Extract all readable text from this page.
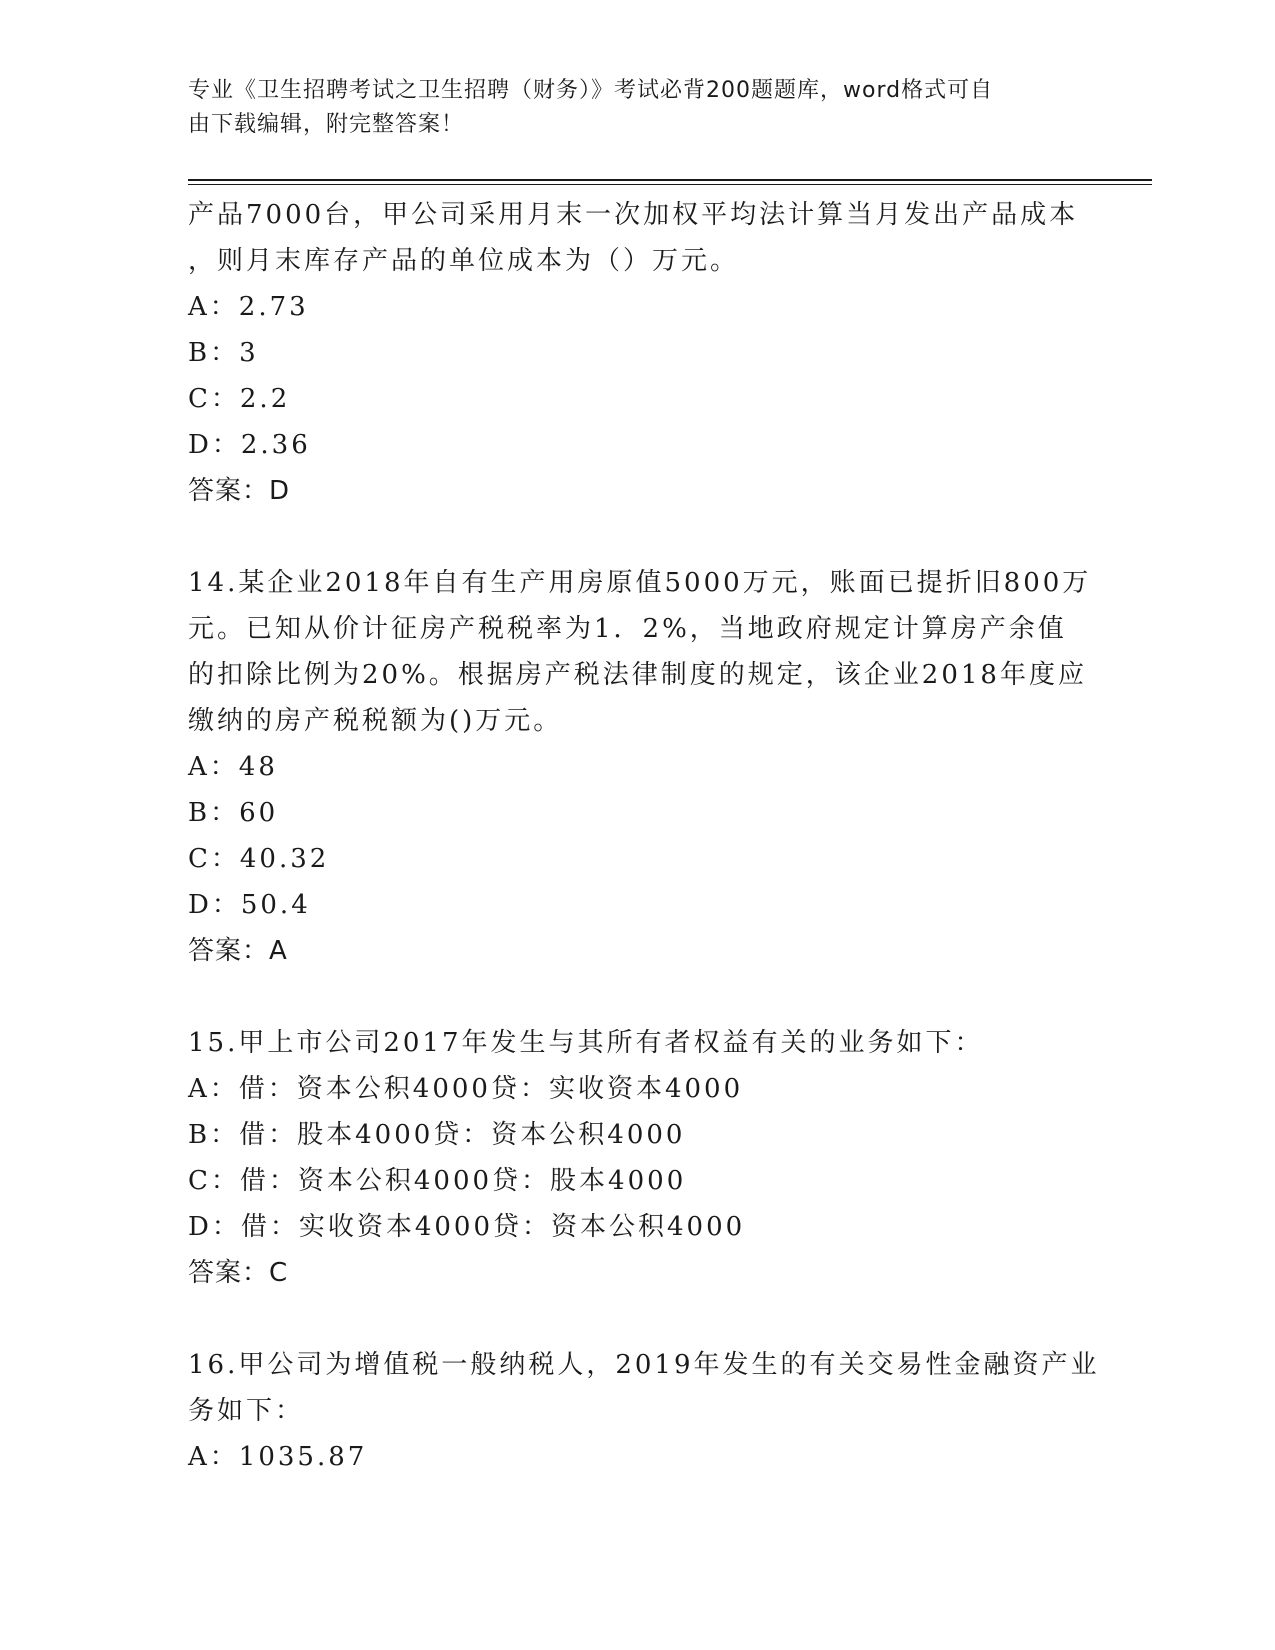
专业《卫生招聘考试之卫生招聘（财务）》考试必背200题题库，word格式可自
由下载编辑，附完整答案！
产品7000台，甲公司采用月末一次加权平均法计算当月发出产品成本
，则月末库存产品的单位成本为（）万元。
A：2.73
B：3
C：2.2
D：2.36
答案：D
14.某企业2018年自有生产用房原值5000万元，账面已提折旧800万
元。已知从价计征房产税税率为1．2%，当地政府规定计算房产余值
的扣除比例为20%。根据房产税法律制度的规定，该企业2018年度应
缴纳的房产税税额为()万元。
A：48
B：60
C：40.32
D：50.4
答案：A
15.甲上市公司2017年发生与其所有者权益有关的业务如下：
A：借：资本公积4000贷：实收资本4000
B：借：股本4000贷：资本公积4000
C：借：资本公积4000贷：股本4000
D：借：实收资本4000贷：资本公积4000
答案：C
16.甲公司为增值税一般纳税人，2019年发生的有关交易性金融资产业
务如下：
A：1035.87
